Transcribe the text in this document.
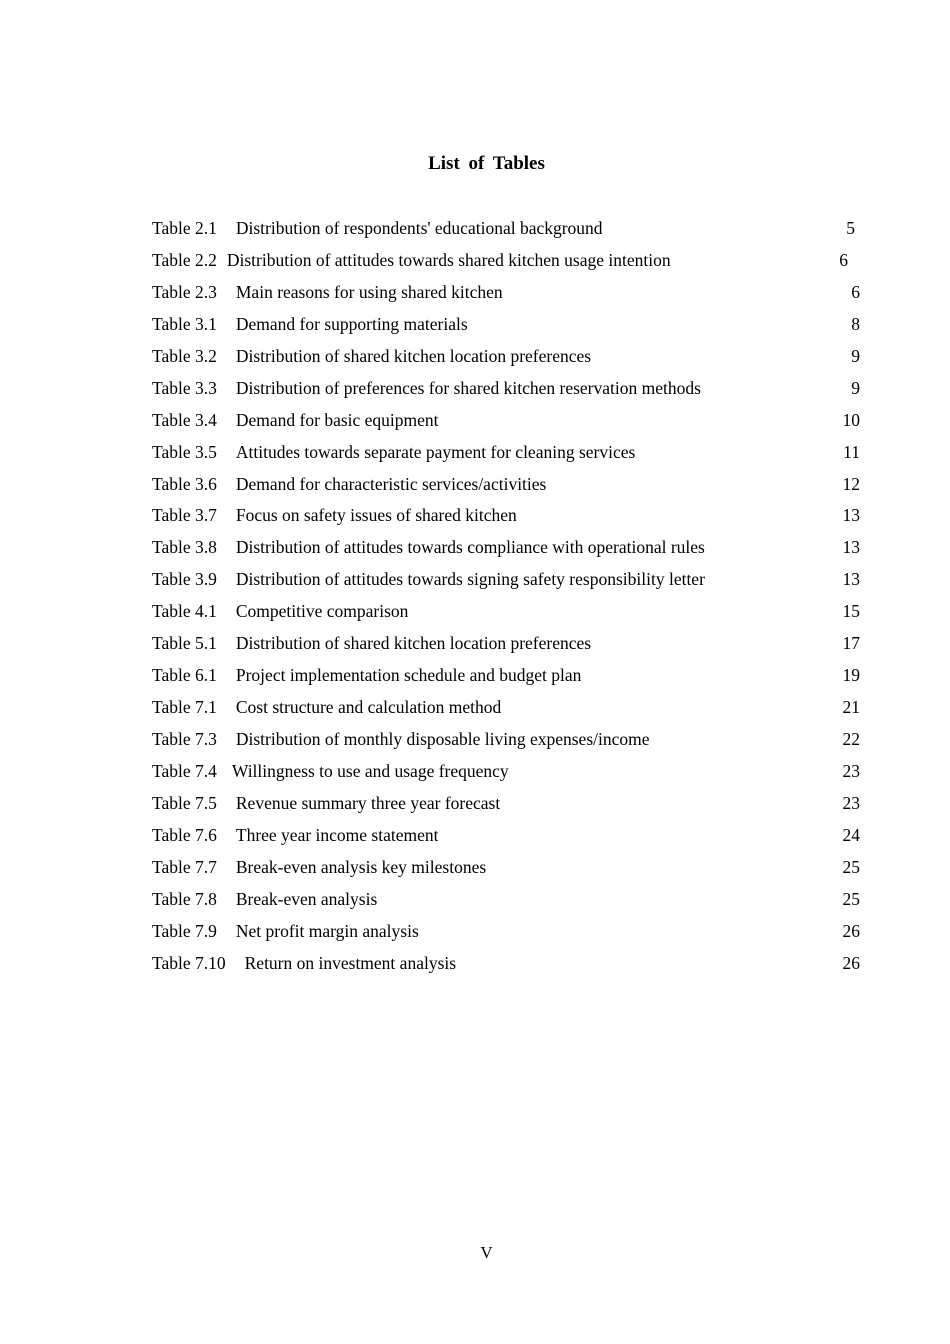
List of Tables
Table 2.1 Distribution of respondents' educational background	5
Table 2.2 Distribution of attitudes towards shared kitchen usage intention	6
Table 2.3 Main reasons for using shared kitchen	6
Table 3.1 Demand for supporting materials	8
Table 3.2 Distribution of shared kitchen location preferences	9
Table 3.3 Distribution of preferences for shared kitchen reservation methods	9
Table 3.4 Demand for basic equipment	10
Table 3.5 Attitudes towards separate payment for cleaning services	11
Table 3.6 Demand for characteristic services/activities	12
Table 3.7 Focus on safety issues of shared kitchen	13
Table 3.8 Distribution of attitudes towards compliance with operational rules	13
Table 3.9 Distribution of attitudes towards signing safety responsibility letter	13
Table 4.1 Competitive comparison	15
Table 5.1 Distribution of shared kitchen location preferences	17
Table 6.1 Project implementation schedule and budget plan	19
Table 7.1 Cost structure and calculation method	21
Table 7.3 Distribution of monthly disposable living expenses/income	22
Table 7.4 Willingness to use and usage frequency	23
Table 7.5 Revenue summary three year forecast	23
Table 7.6 Three year income statement	24
Table 7.7 Break-even analysis key milestones	25
Table 7.8 Break-even analysis	25
Table 7.9 Net profit margin analysis	26
Table 7.10 Return on investment analysis	26
V
